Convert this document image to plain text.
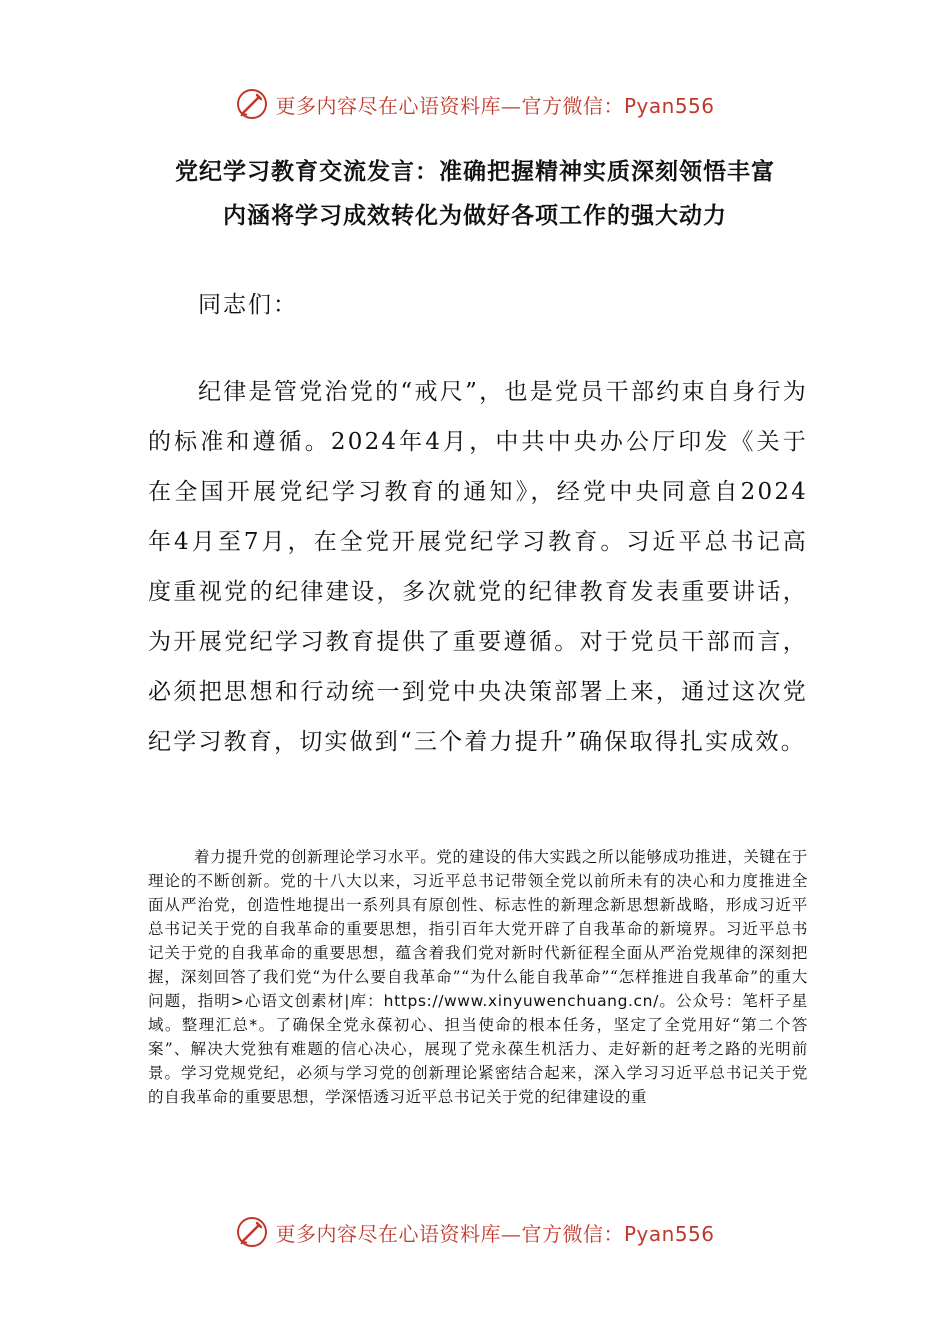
更多内容尽在心语资料库—官方微信：Pyan556
党纪学习教育交流发言：准确把握精神实质深刻领悟丰富
内涵将学习成效转化为做好各项工作的强大动力
同志们：

纪律是管党治党的“戒尺”，也是党员干部约束自身行为的标准和遵循。2024年4月，中共中央办公厅印发《关于在全国开展党纪学习教育的通知》，经党中央同意自2024年4月至7月，在全党开展党纪学习教育。习近平总书记高度重视党的纪律建设，多次就党的纪律教育发表重要讲话，为开展党纪学习教育提供了重要遵循。对于党员干部而言，必须把思想和行动统一到党中央决策部署上来，通过这次党纪学习教育，切实做到“三个着力提升”确保取得扎实成效。

着力提升党的创新理论学习水平。党的建设的伟大实践之所以能够成功推进，关键在于理论的不断创新。党的十八大以来，习近平总书记带领全党以前所未有的决心和力度推进全面从严治党，创造性地提出一系列具有原创性、标志性的新理念新思想新战略，形成习近平总书记关于党的自我革命的重要思想，指引百年大党开辟了自我革命的新境界。习近平总书记关于党的自我革命的重要思想，蕴含着我们党对新时代新征程全面从严治党规律的深刻把握，深刻回答了我们党“为什么要自我革命”“为什么能自我革命”“怎样推进自我革命”的重大问题，指明>心语文创素材|库：https://www.xinyuwenchuang.cn/。公众号：笔杆子星域。整理汇总*。了确保全党永葆初心、担当使命的根本任务，坚定了全党用好“第二个答案”、解决大党独有难题的信心决心，展现了党永葆生机活力、走好新的赶考之路的光明前景。学习党规党纪，必须与学习党的创新理论紧密结合起来，深入学习习近平总书记关于党的自我革命的重要思想，学深悟透习近平总书记关于党的纪律建设的重

更多内容尽在心语资料库—官方微信：Pyan556
